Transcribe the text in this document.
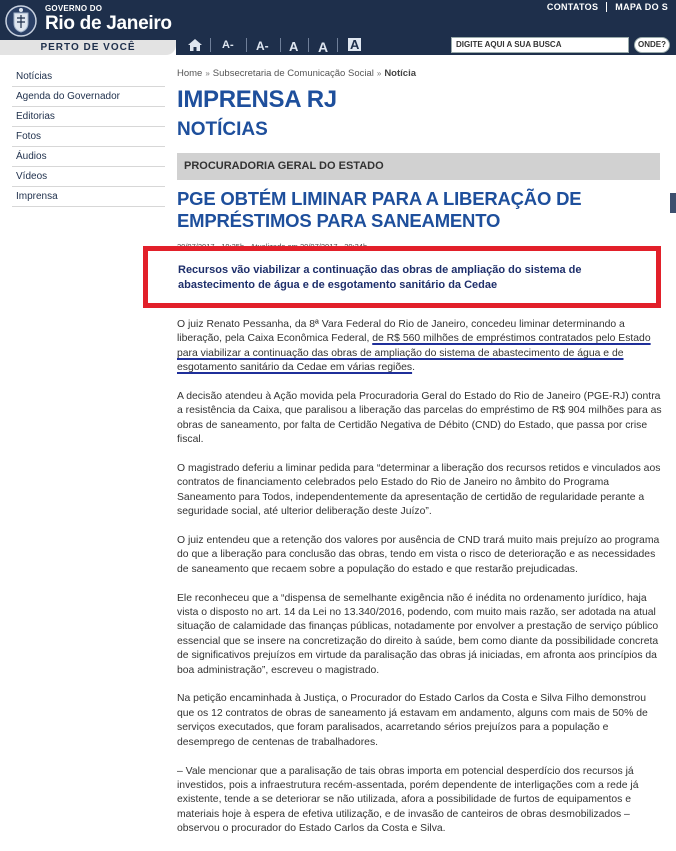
CONTATOS	MAPA DO S
A- A- A A A
GOVERNO DO
Rio de Janeiro
PERTO DE VOCÊ	DIGITE AQUI A SUA BUSCA	ONDE?
Notícias
Agenda do Governador
Editorias
Fotos
Áudios
Vídeos
Imprensa
Home » Subsecretaria de Comunicação Social » Notícia
IMPRENSA RJ
NOTÍCIAS
PROCURADORIA GERAL DO ESTADO
PGE OBTÉM LIMINAR PARA A LIBERAÇÃO DE EMPRÉSTIMOS PARA SANEAMENTO
Recursos vão viabilizar a continuação das obras de ampliação do sistema de abastecimento de água e de esgotamento sanitário da Cedae

O juiz Renato Pessanha, da 8ª Vara Federal do Rio de Janeiro, concedeu liminar determinando a liberação, pela Caixa Econômica Federal, de R$ 560 milhões de empréstimos contratados pelo Estado para viabilizar a continuação das obras de ampliação do sistema de abastecimento de água e de esgotamento sanitário da Cedae em várias regiões.

A decisão atendeu à Ação movida pela Procuradoria Geral do Estado do Rio de Janeiro (PGE-RJ) contra a resistência da Caixa, que paralisou a liberação das parcelas do empréstimo de R$ 904 milhões para as obras de saneamento, por falta de Certidão Negativa de Débito (CND) do Estado, que passa por crise fiscal.

O magistrado deferiu a liminar pedida para “determinar a liberação dos recursos retidos e vinculados aos contratos de financiamento celebrados pelo Estado do Rio de Janeiro no âmbito do Programa Saneamento para Todos, independentemente da apresentação de certidão de regularidade perante a seguridade social, até ulterior deliberação deste Juízo”.

O juiz entendeu que a retenção dos valores por ausência de CND trará muito mais prejuízo ao programa do que a liberação para conclusão das obras, tendo em vista o risco de deterioração e as necessidades de saneamento que recaem sobre a população do estado e que restarão prejudicadas.

Ele reconheceu que a “dispensa de semelhante exigência não é inédita no ordenamento jurídico, haja vista o disposto no art. 14 da Lei no 13.340/2016, podendo, com muito mais razão, ser adotada na atual situação de calamidade das finanças públicas, notadamente por envolver a prestação de serviço público essencial que se insere na concretização do direito à saúde, bem como diante da possibilidade concreta de significativos prejuízos em virtude da paralisação das obras já iniciadas, em afronta aos princípios da boa administração”, escreveu o magistrado.

Na petição encaminhada à Justiça, o Procurador do Estado Carlos da Costa e Silva Filho demonstrou que os 12 contratos de obras de saneamento já estavam em andamento, alguns com mais de 50% de serviços executados, que foram paralisados, acarretando sérios prejuízos para a população e desemprego de centenas de trabalhadores.

– Vale mencionar que a paralisação de tais obras importa em potencial desperdício dos recursos já investidos, pois a infraestrutura recém-assentada, porém dependente de interligações com a rede já existente, tende a se deteriorar se não utilizada, afora a possibilidade de furtos de equipamentos e materiais hoje à espera de efetiva utilização, e de invasão de canteiros de obras desmobilizados – observou o procurador do Estado Carlos da Costa e Silva.
